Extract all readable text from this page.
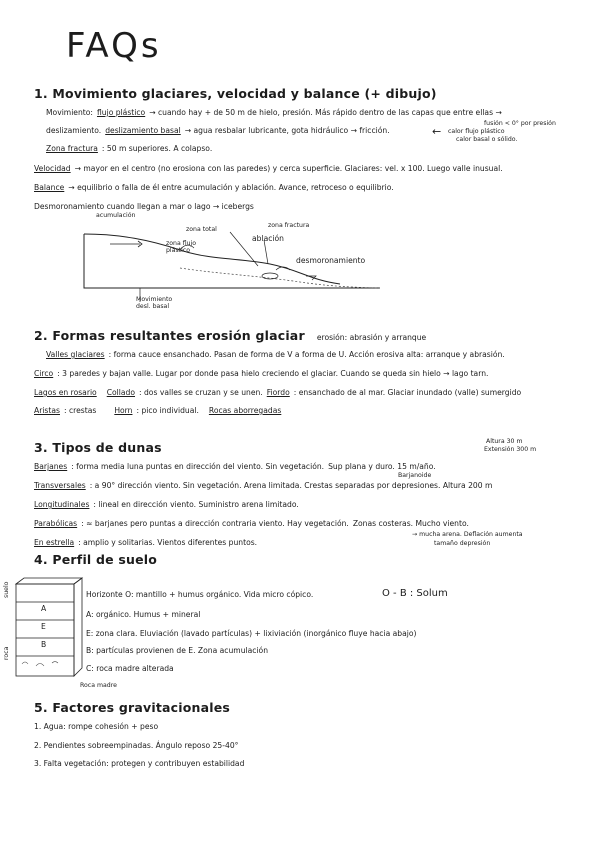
FAQs
1. Movimiento glaciares, velocidad y balance (+ dibujo)
Movimiento: flujo plástico → cuando hay + de 50 m de hielo, presión. Más rápido dentro de las capas que entre ellas →
fusión < 0° por presión
deslizamiento. deslizamiento basal → agua resbalar lubricante, gota hidráulico → fricción.	← calor flujo plástico
calor basal o sólido.
Zona fractura : 50 m superiores. A colapso.
Velocidad → mayor en el centro (no erosiona con las paredes) y cerca superficie. Glaciares: vel. x 100. Luego valle inusual.
Balance → equilibrio o falla de él entre acumulación y ablación. Avance, retroceso o equilibrio.
Desmoronamiento cuando llegan a mar o lago → icebergs
acumulación
zona fractura
zona total
zona flujo plástico
ablación
desmoronamiento
Movimiento desl. basal
2. Formas resultantes erosión glaciar erosión: abrasión y arranque
Valles glaciares : forma cauce ensanchado. Pasan de forma de V a forma de U. Acción erosiva alta: arranque y abrasión.
Circo : 3 paredes y bajan valle. Lugar por donde pasa hielo creciendo el glaciar. Cuando se queda sin hielo → lago tarn.
Lagos en rosario Collado : dos valles se cruzan y se unen. Fiordo : ensanchado de al mar. Glaciar inundado (valle) sumergido
Aristas : crestas Horn : pico individual. Rocas aborregadas
3. Tipos de dunas	Altura 30 m
Extensión 300 m
Barjanes : forma media luna puntas en dirección del viento. Sin vegetación. Sup plana y duro. 15 m/año.
Barjanoide
Transversales : a 90° dirección viento. Sin vegetación. Arena limitada. Crestas separadas por depresiones. Altura 200 m
Longitudinales : lineal en dirección viento. Suministro arena limitado.
Parabólicas : ≈ barjanes pero puntas a dirección contraria viento. Hay vegetación. Zonas costeras. Mucho viento.
En estrella : amplio y solitarias. Vientos diferentes puntos.
→ mucha arena. Deflación aumenta
tamaño depresión
4. Perfil de suelo
suelo
roca
A
E
B
Horizonte O: mantillo + humus orgánico. Vida micro cópico.	O - B : Solum
A: orgánico. Humus + mineral
E: zona clara. Eluviación (lavado partículas) + lixiviación (inorgánico fluye hacia abajo)
B: partículas provienen de E. Zona acumulación
C: roca madre alterada
Roca madre
5. Factores gravitacionales
1. Agua: rompe cohesión + peso
2. Pendientes sobreempinadas. Ángulo reposo 25-40°
3. Falta vegetación: protegen y contribuyen estabilidad
